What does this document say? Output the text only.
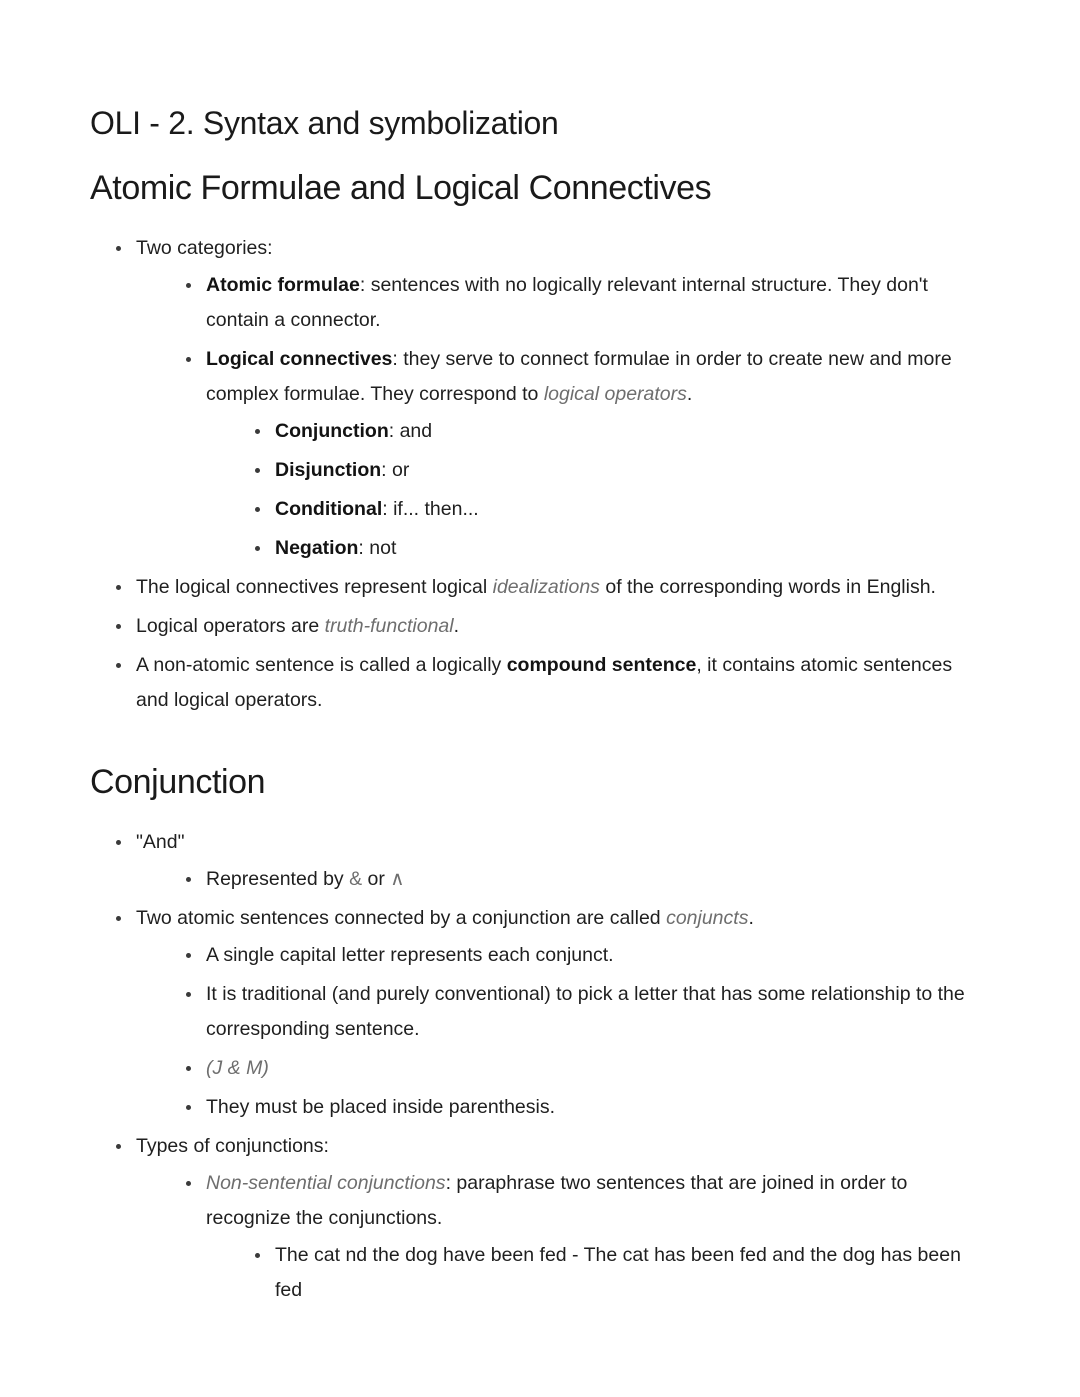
OLI - 2. Syntax and symbolization
Atomic Formulae and Logical Connectives
Two categories:
Atomic formulae: sentences with no logically relevant internal structure. They don't contain a connector.
Logical connectives: they serve to connect formulae in order to create new and more complex formulae. They correspond to logical operators.
Conjunction: and
Disjunction: or
Conditional: if... then...
Negation: not
The logical connectives represent logical idealizations of the corresponding words in English.
Logical operators are truth-functional.
A non-atomic sentence is called a logically compound sentence, it contains atomic sentences and logical operators.
Conjunction
"And"
Represented by & or ∧
Two atomic sentences connected by a conjunction are called conjuncts.
A single capital letter represents each conjunct.
It is traditional (and purely conventional) to pick a letter that has some relationship to the corresponding sentence.
(J & M)
They must be placed inside parenthesis.
Types of conjunctions:
Non-sentential conjunctions: paraphrase two sentences that are joined in order to recognize the conjunctions.
The cat nd the dog have been fed - The cat has been fed and the dog has been fed
